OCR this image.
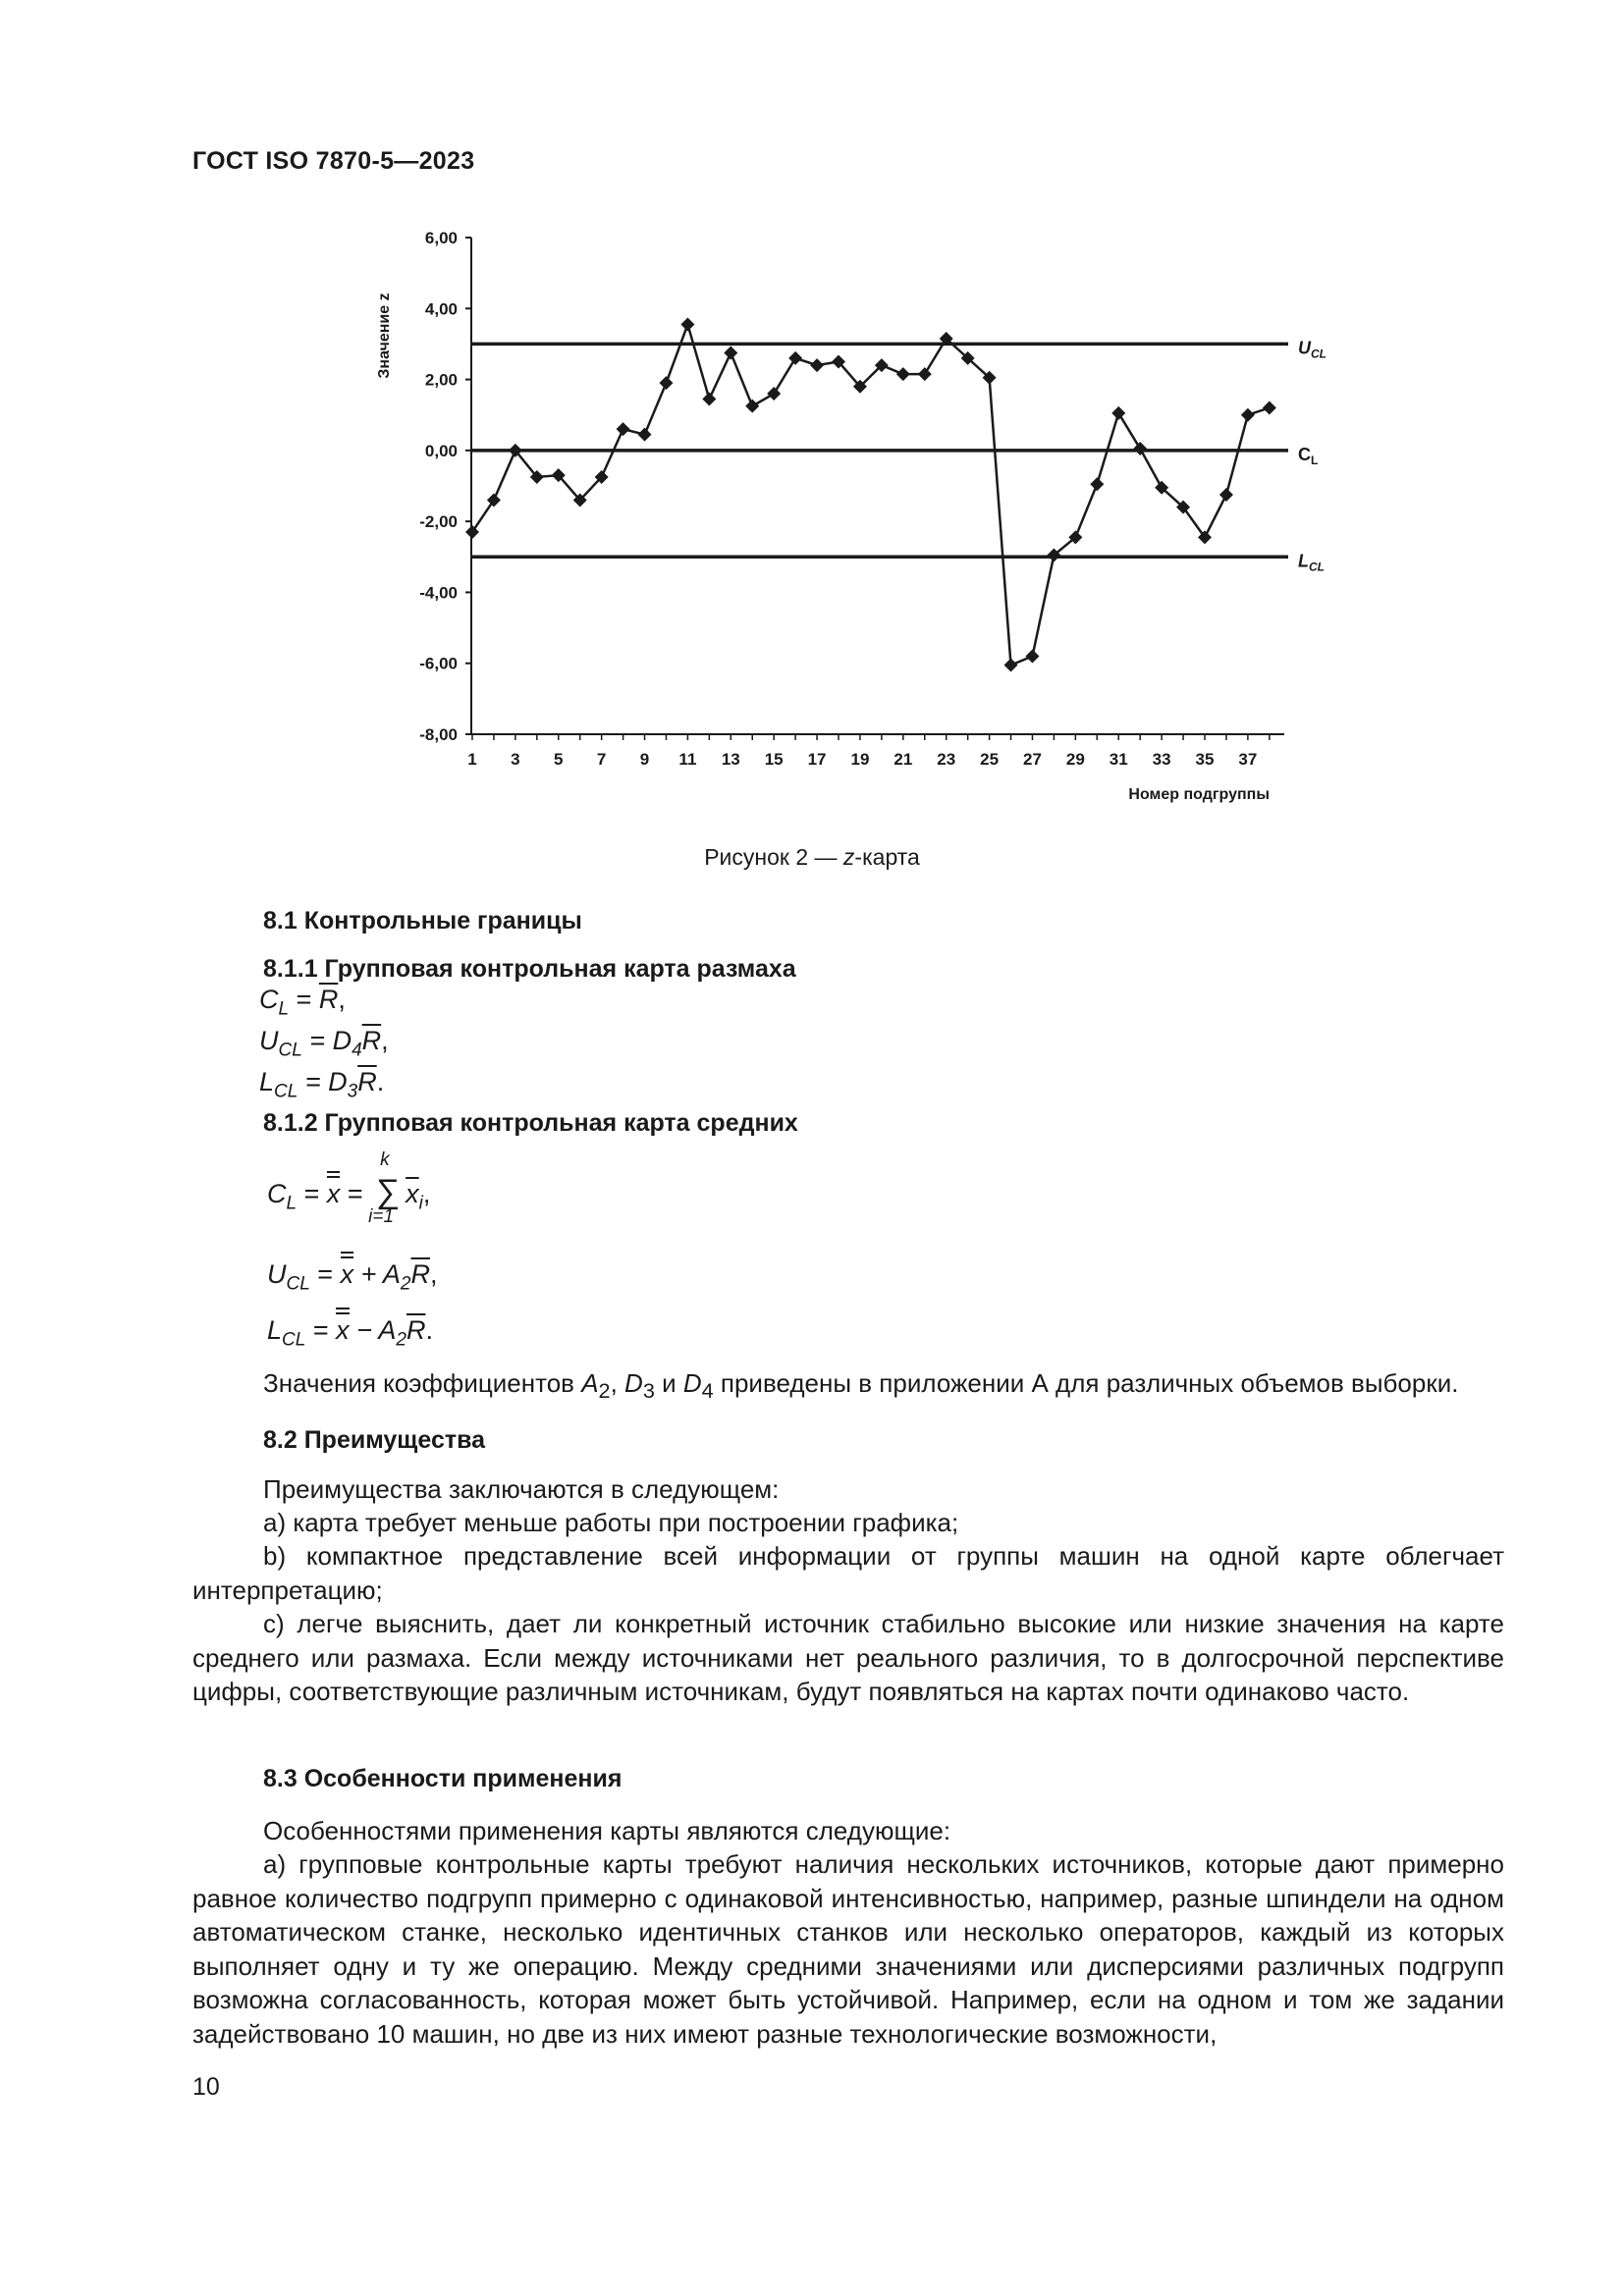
ГОСТ ISO 7870-5—2023
6,00
4,00
2,00
0,00
-2,00
-4,00
-6,00
-8,00
1 3 5 7 9 11 13 15 17 19 21 23 25 27 29 31 33 35 37
$U_{CL}$
$C_L$
$L_{CL}$
Значение z
Номер подгруппы
Рисунок 2 — z-карта
8.1 Контрольные границы
8.1.1 Групповая контрольная карта размаха
$C_L = \overline{R}$,
$U_{CL} = D_4\overline{R}$,
$L_{CL} = D_3\overline{R}$.
8.1.2 Групповая контрольная карта средних
$C_L$ =
x =
k
∑
i=1
$\overline{x}_i$,
$U_{CL}$ =
$x + A_2\overline{R}$,
$L_{CL}$ =
$x - A_2\overline{R}$.
Значения коэффициентов $A_2$, $D_3$ и $D_4$ приведены в приложении А для различных объемов выборки.
8.2 Преимущества
Преимущества заключаются в следующем:
a) карта требует меньше работы при построении графика;
b) компактное представление всей информации от группы машин на одной карте облегчает интерпретацию;
c) легче выяснить, дает ли конкретный источник стабильно высокие или низкие значения на карте среднего или размаха. Если между источниками нет реального различия, то в долгосрочной перспективе цифры, соответствующие различным источникам, будут появляться на картах почти одинаково часто.
8.3 Особенности применения
Особенностями применения карты являются следующие:
a) групповые контрольные карты требуют наличия нескольких источников, которые дают примерно равное количество подгрупп примерно с одинаковой интенсивностью, например, разные шпиндели на одном автоматическом станке, несколько идентичных станков или несколько операторов, каждый из которых выполняет одну и ту же операцию. Между средними значениями или дисперсиями различных подгрупп возможна согласованность, которая может быть устойчивой. Например, если на одном и том же задании задействовано 10 машин, но две из них имеют разные технологические возможности,
10
